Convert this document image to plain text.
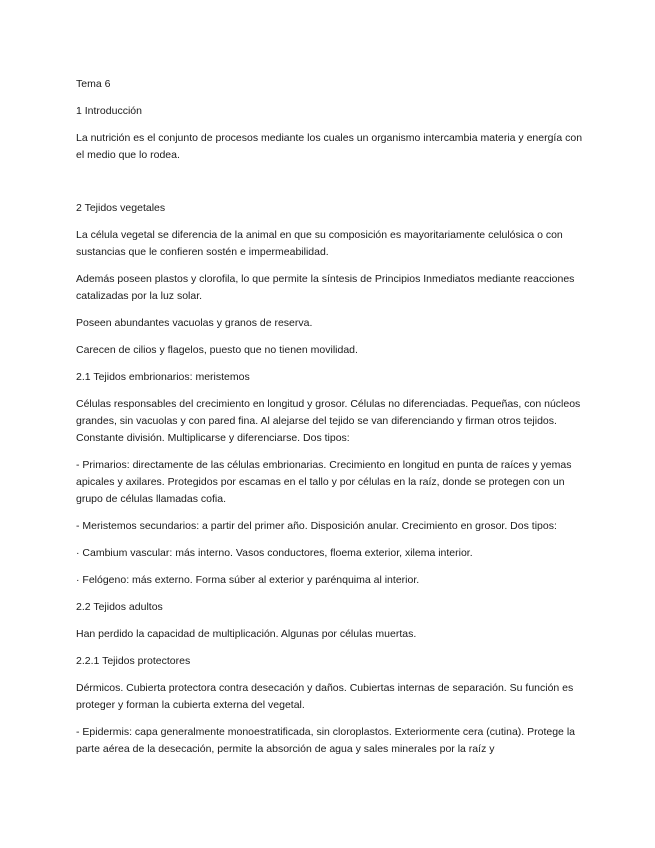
Tema 6

1 Introducción

La nutrición es el conjunto de procesos mediante los cuales un organismo intercambia materia y energía con el medio que lo rodea.

2 Tejidos vegetales

La célula vegetal se diferencia de la animal en que su composición es mayoritariamente celulósica o con sustancias que le confieren sostén e impermeabilidad.

Además poseen plastos y clorofila, lo que permite la síntesis de Principios Inmediatos mediante reacciones catalizadas por la luz solar.

Poseen abundantes vacuolas y granos de reserva.

Carecen de cilios y flagelos, puesto que no tienen movilidad.

2.1 Tejidos embrionarios: meristemos

Células responsables del crecimiento en longitud y grosor. Células no diferenciadas. Pequeñas, con núcleos grandes, sin vacuolas y con pared fina. Al alejarse del tejido se van diferenciando y firman otros tejidos. Constante división. Multiplicarse y diferenciarse. Dos tipos:

- Primarios: directamente de las células embrionarias. Crecimiento en longitud en punta de raíces y yemas apicales y axilares. Protegidos por escamas en el tallo y por células en la raíz, donde se protegen con un grupo de células llamadas cofia.

- Meristemos secundarios: a partir del primer año. Disposición anular. Crecimiento en grosor. Dos tipos:

· Cambium vascular: más interno. Vasos conductores, floema exterior, xilema interior.

· Felógeno: más externo. Forma súber al exterior y parénquima al interior.

2.2 Tejidos adultos

Han perdido la capacidad de multiplicación. Algunas por células muertas.

2.2.1 Tejidos protectores

Dérmicos. Cubierta protectora contra desecación y daños. Cubiertas internas de separación. Su función es proteger y forman la cubierta externa del vegetal.

- Epidermis: capa generalmente monoestratificada, sin cloroplastos. Exteriormente cera (cutina). Protege la parte aérea de la desecación, permite la absorción de agua y sales minerales por la raíz y
